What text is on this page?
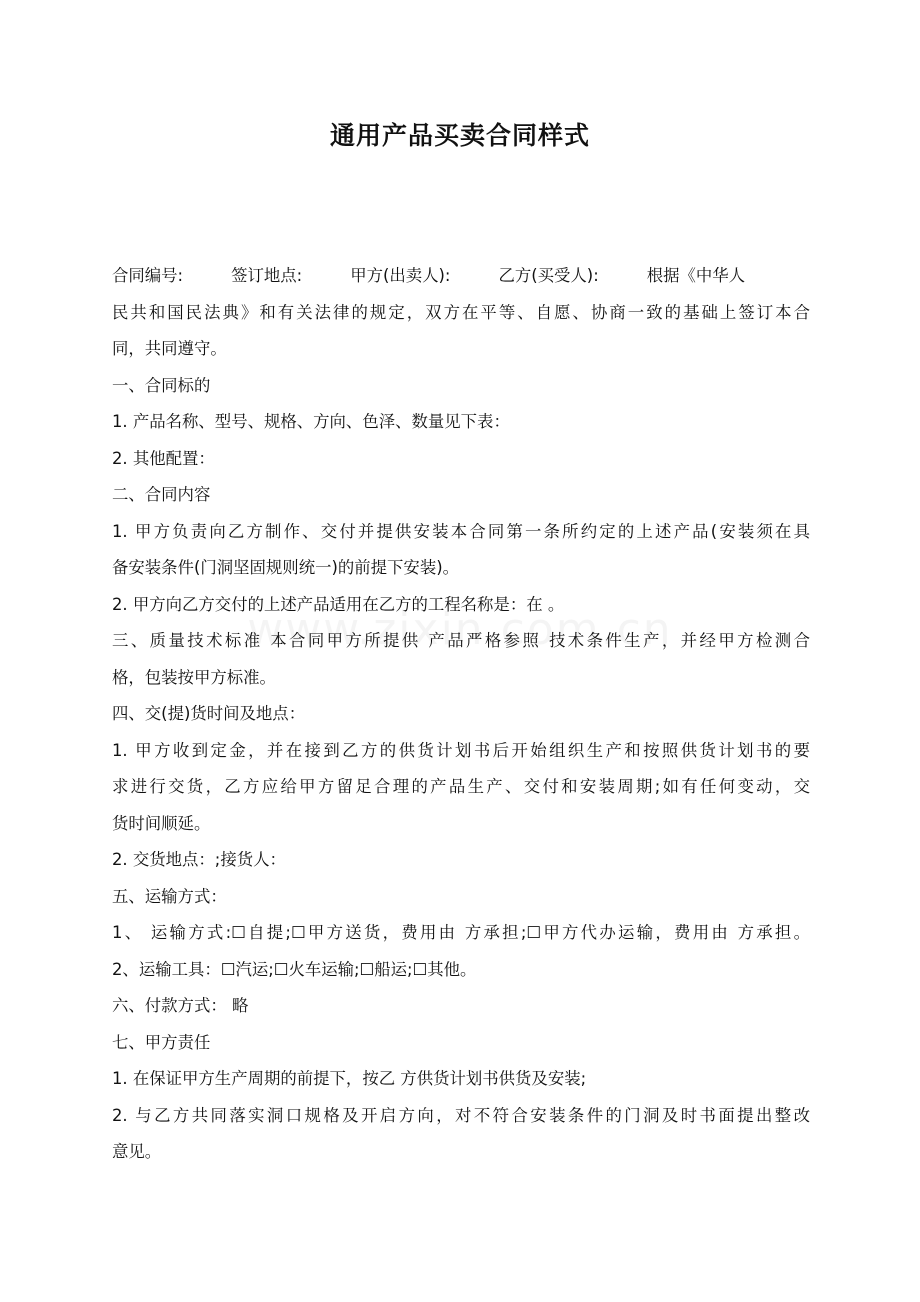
通用产品买卖合同样式
合同编号:	签订地点:	甲方(出卖人):	乙方(买受人):	根据《中华人
民共和国民法典》和有关法律的规定，双方在平等、自愿、协商一致的基础上签订本合
同，共同遵守。
一、合同标的
1. 产品名称、型号、规格、方向、色泽、数量见下表：
2. 其他配置：
二、合同内容
1. 甲方负责向乙方制作、交付并提供安装本合同第一条所约定的上述产品(安装须在具
备安装条件(门洞坚固规则统一)的前提下安装)。
2. 甲方向乙方交付的上述产品适用在乙方的工程名称是：在 。
三、质量技术标准 本合同甲方所提供 产品严格参照 技术条件生产，并经甲方检测合
格，包装按甲方标准。
四、交(提)货时间及地点：
1. 甲方收到定金，并在接到乙方的供货计划书后开始组织生产和按照供货计划书的要
求进行交货，乙方应给甲方留足合理的产品生产、交付和安装周期;如有任何变动，交
货时间顺延。
2. 交货地点：;接货人：
五、运输方式：
1、 运输方式:☐自提;☐甲方送货，费用由 方承担;☐甲方代办运输，费用由 方承担。
2、运输工具：☐汽运;☐火车运输;☐船运;☐其他。
六、付款方式： 略
七、甲方责任
1. 在保证甲方生产周期的前提下，按乙 方供货计划书供货及安装;
2. 与乙方共同落实洞口规格及开启方向，对不符合安装条件的门洞及时书面提出整改
意见。
